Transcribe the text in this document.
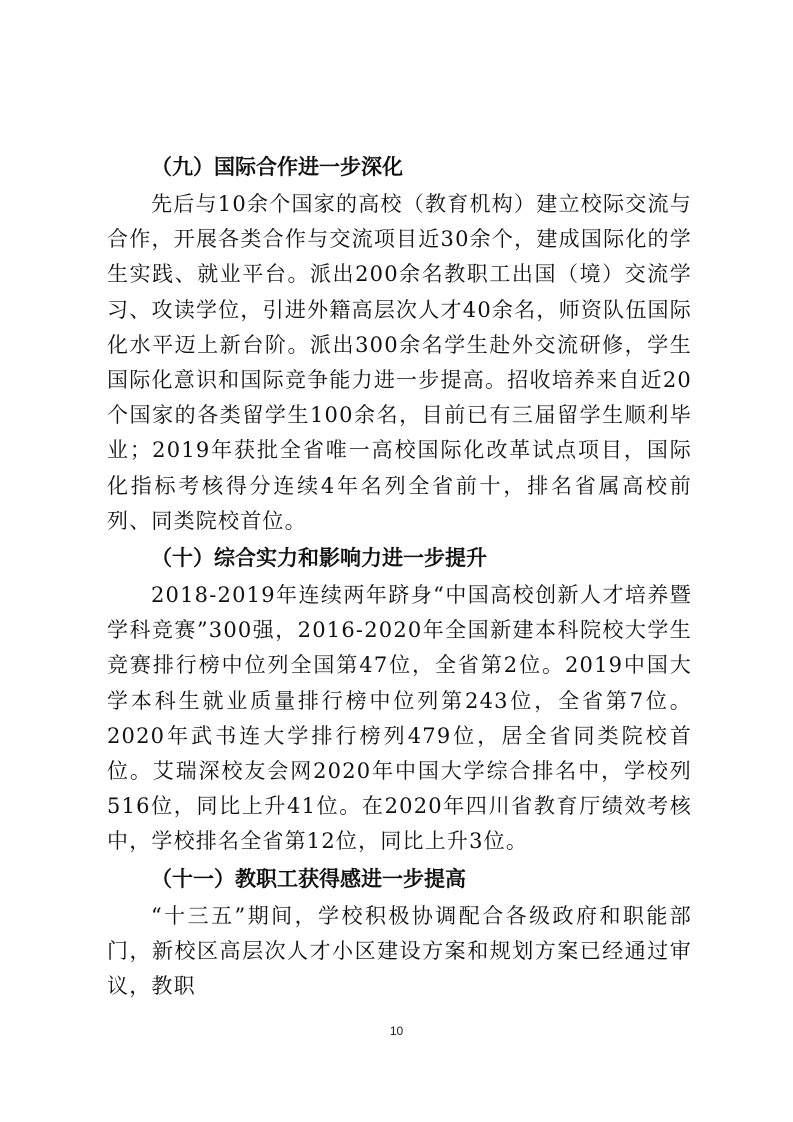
（九）国际合作进一步深化

先后与10余个国家的高校（教育机构）建立校际交流与合作，开展各类合作与交流项目近30余个，建成国际化的学生实践、就业平台。派出200余名教职工出国（境）交流学习、攻读学位，引进外籍高层次人才40余名，师资队伍国际化水平迈上新台阶。派出300余名学生赴外交流研修，学生国际化意识和国际竞争能力进一步提高。招收培养来自近20个国家的各类留学生100余名，目前已有三届留学生顺利毕业；2019年获批全省唯一高校国际化改革试点项目，国际化指标考核得分连续4年名列全省前十，排名省属高校前列、同类院校首位。

（十）综合实力和影响力进一步提升

2018-2019年连续两年跻身“中国高校创新人才培养暨学科竞赛”300强，2016-2020年全国新建本科院校大学生竞赛排行榜中位列全国第47位，全省第2位。2019中国大学本科生就业质量排行榜中位列第243位，全省第7位。2020年武书连大学排行榜列479位，居全省同类院校首位。艾瑞深校友会网2020年中国大学综合排名中，学校列516位，同比上升41位。在2020年四川省教育厅绩效考核中，学校排名全省第12位，同比上升3位。

（十一）教职工获得感进一步提高

“十三五”期间，学校积极协调配合各级政府和职能部门，新校区高层次人才小区建设方案和规划方案已经通过审议，教职

10
